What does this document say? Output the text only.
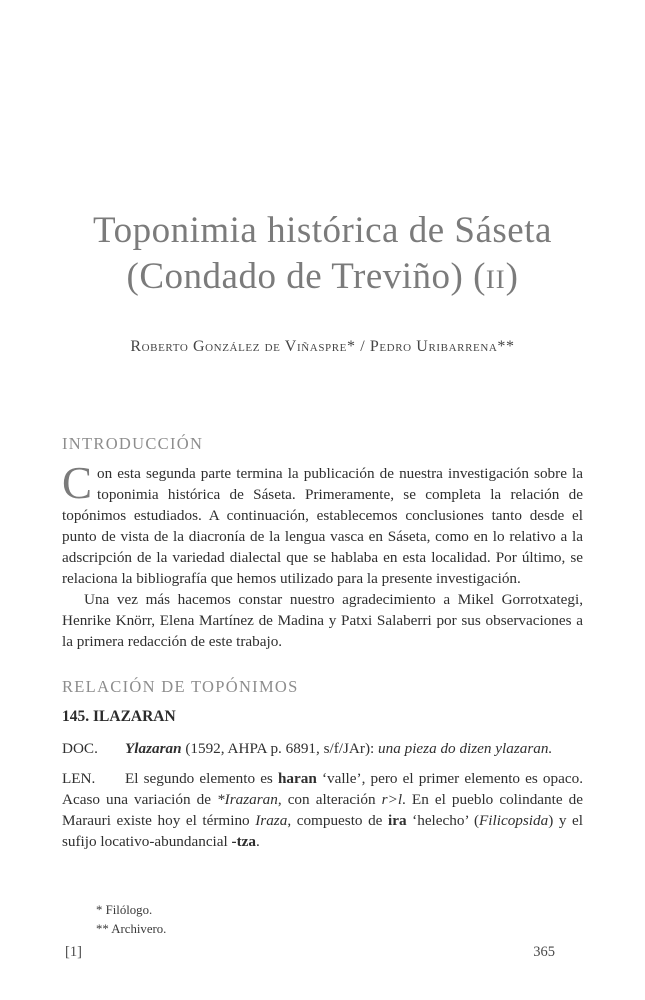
Toponimia histórica de Sáseta
(Condado de Treviño) (II)
Roberto González de Viñaspre* / Pedro Uribarrena**
INTRODUCCIÓN

Con esta segunda parte termina la publicación de nuestra investigación sobre la toponimia histórica de Sáseta. Primeramente, se completa la relación de topónimos estudiados. A continuación, establecemos conclusiones tanto desde el punto de vista de la diacronía de la lengua vasca en Sáseta, como en lo relativo a la adscripción de la variedad dialectal que se hablaba en esta localidad. Por último, se relaciona la bibliografía que hemos utilizado para la presente investigación.

Una vez más hacemos constar nuestro agradecimiento a Mikel Gorrotxategi, Henrike Knörr, Elena Martínez de Madina y Patxi Salaberri por sus observaciones a la primera redacción de este trabajo.

RELACIÓN DE TOPÓNIMOS

145. ILAZARAN

DOC. Ylazaran (1592, AHPA p. 6891, s/f/JAr): una pieza do dizen ylazaran.

LEN. El segundo elemento es haran ‘valle’, pero el primer elemento es opaco. Acaso una variación de *Irazaran, con alteración r>l. En el pueblo colindante de Marauri existe hoy el término Iraza, compuesto de ira ‘helecho’ (Filicopsida) y el sufijo locativo-abundancial -tza.

* Filólogo.
** Archivero.
[1]	365
